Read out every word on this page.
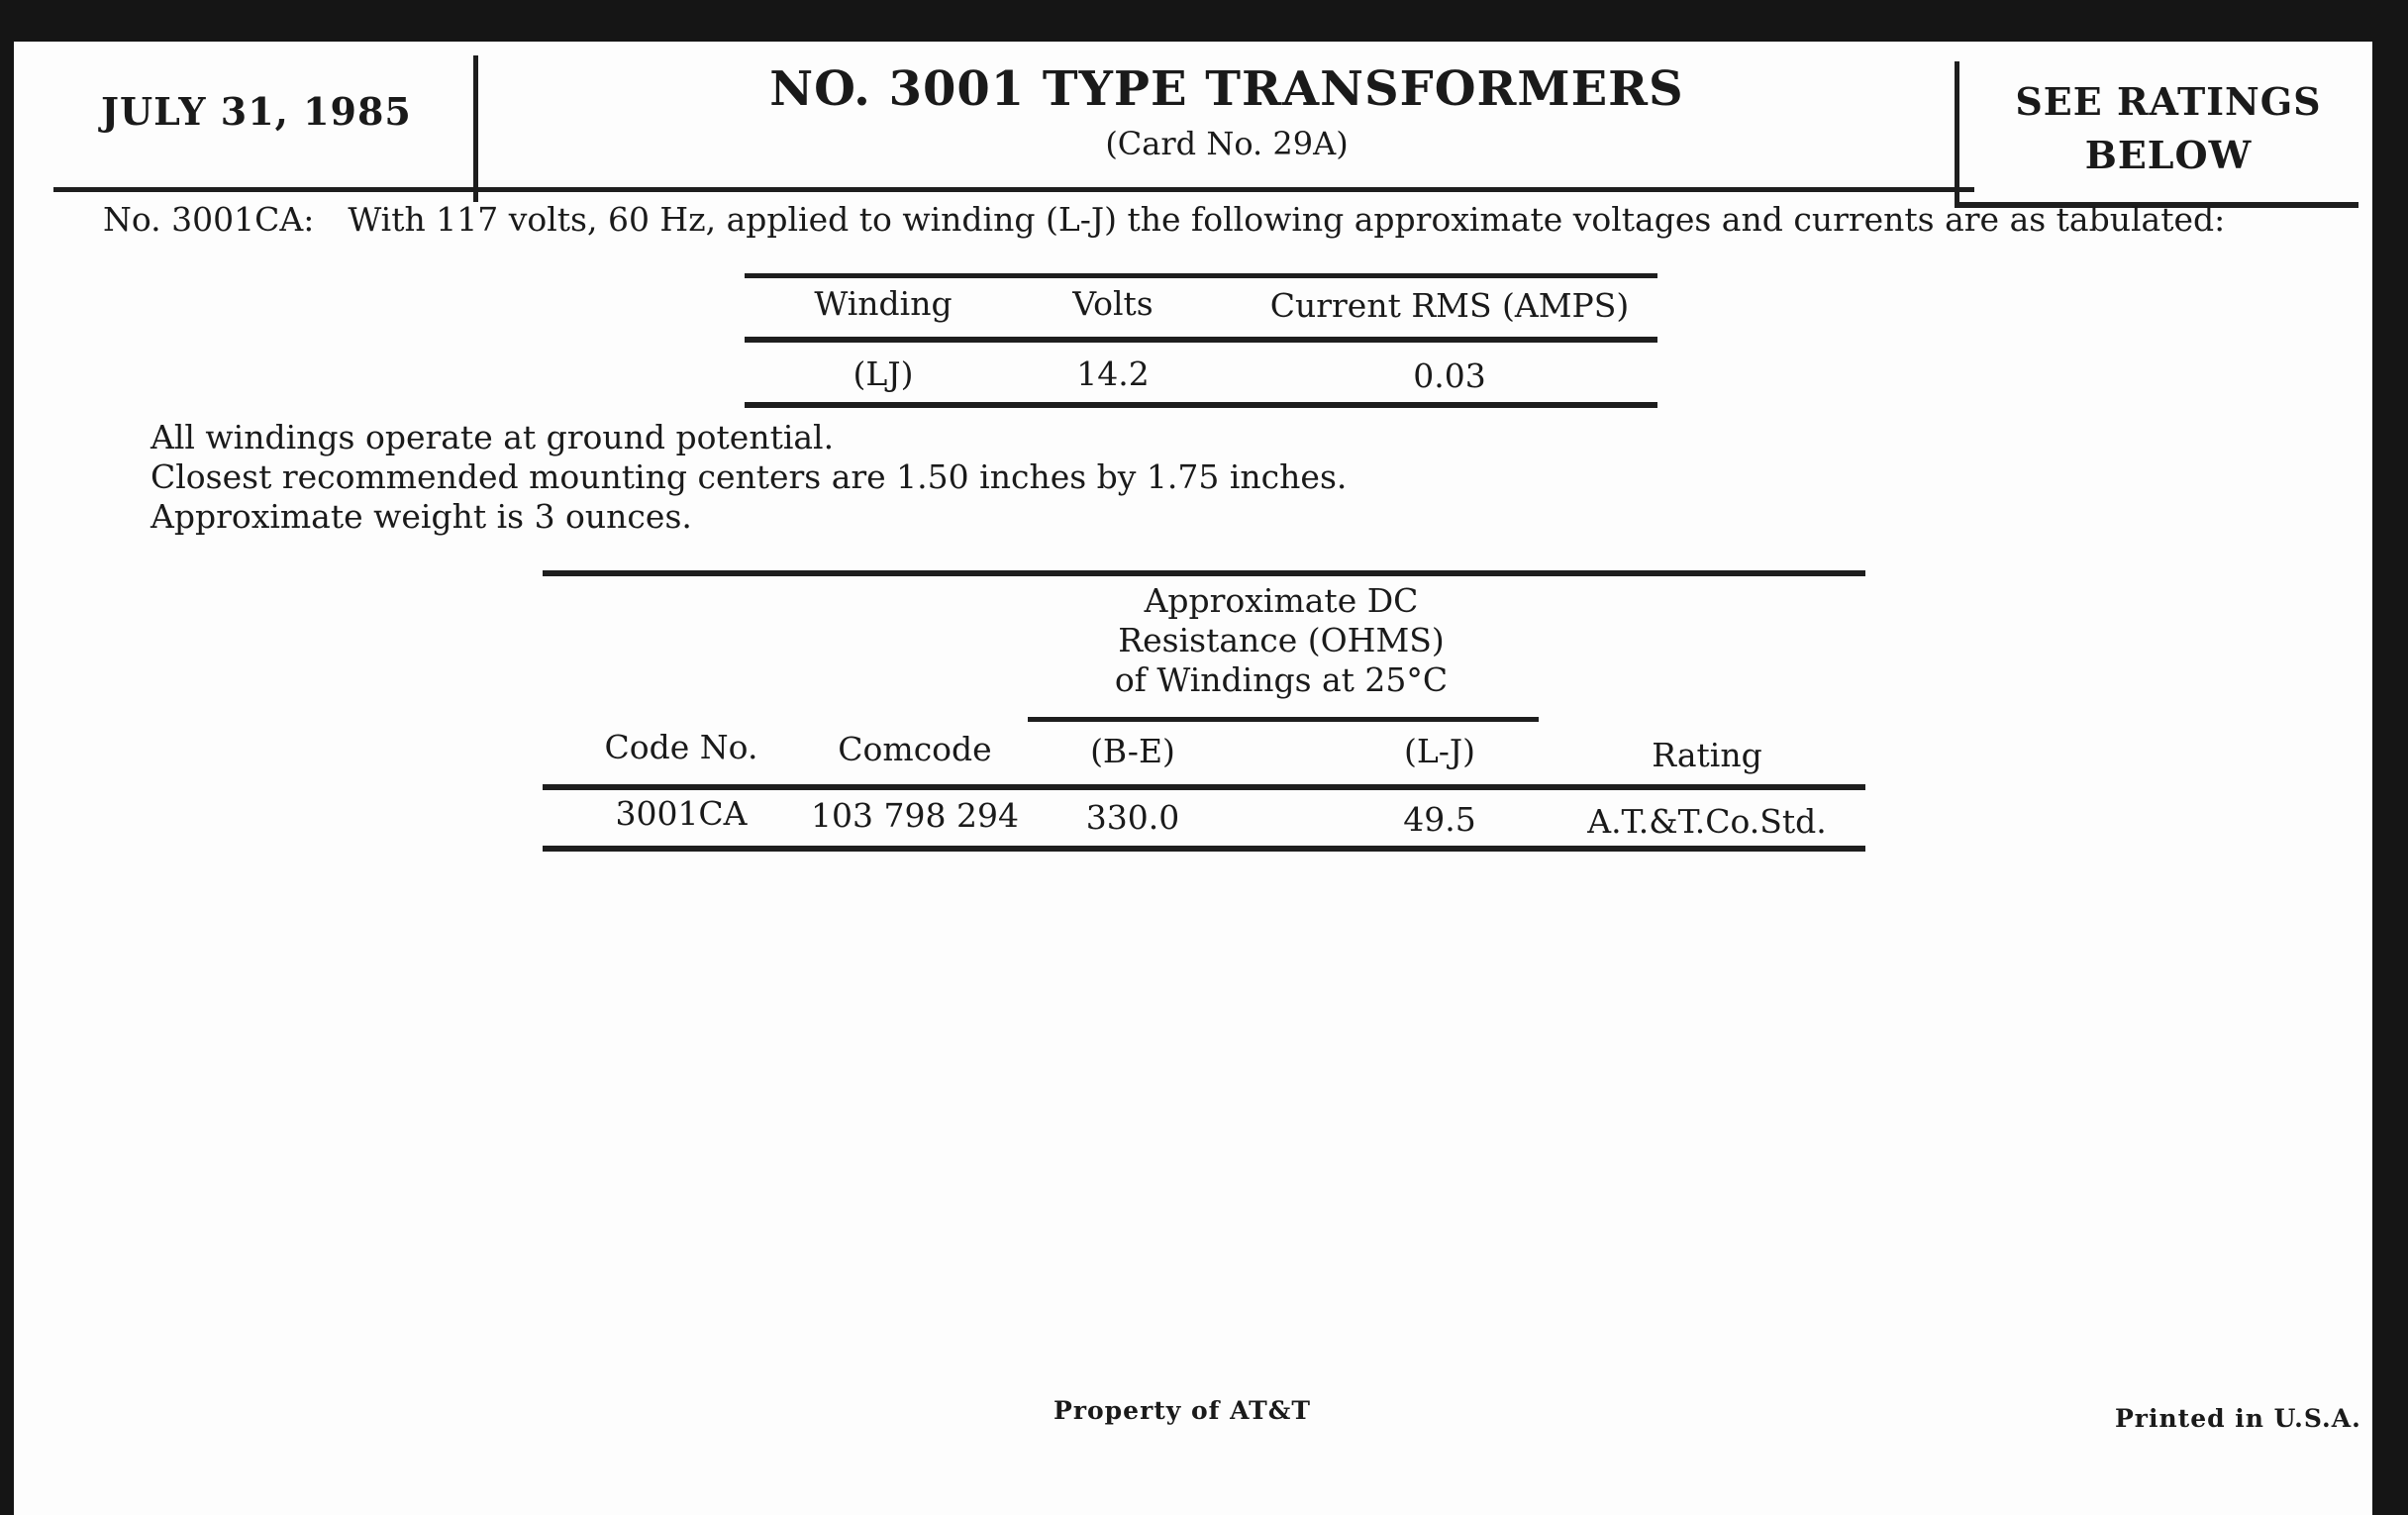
JULY 31, 1985	NO. 3001 TYPE TRANSFORMERS
(Card No. 29A)
SEE RATINGS
BELOW
No. 3001CA: With 117 volts, 60 Hz, applied to winding (L-J) the following approximate voltages and currents are as tabulated:
Winding	Volts	Current RMS (AMPS)
(LJ)	14.2	0.03
All windings operate at ground potential.
Closest recommended mounting centers are 1.50 inches by 1.75 inches.
Approximate weight is 3 ounces.
Approximate DC
Resistance (OHMS)
of Windings at 25°C
Code No.	Comcode	(B-E)	(L-J)	Rating
3001CA	103 798 294	330.0	49.5	A.T.&T.Co.Std.
Property of AT&T	Printed in U.S.A.
